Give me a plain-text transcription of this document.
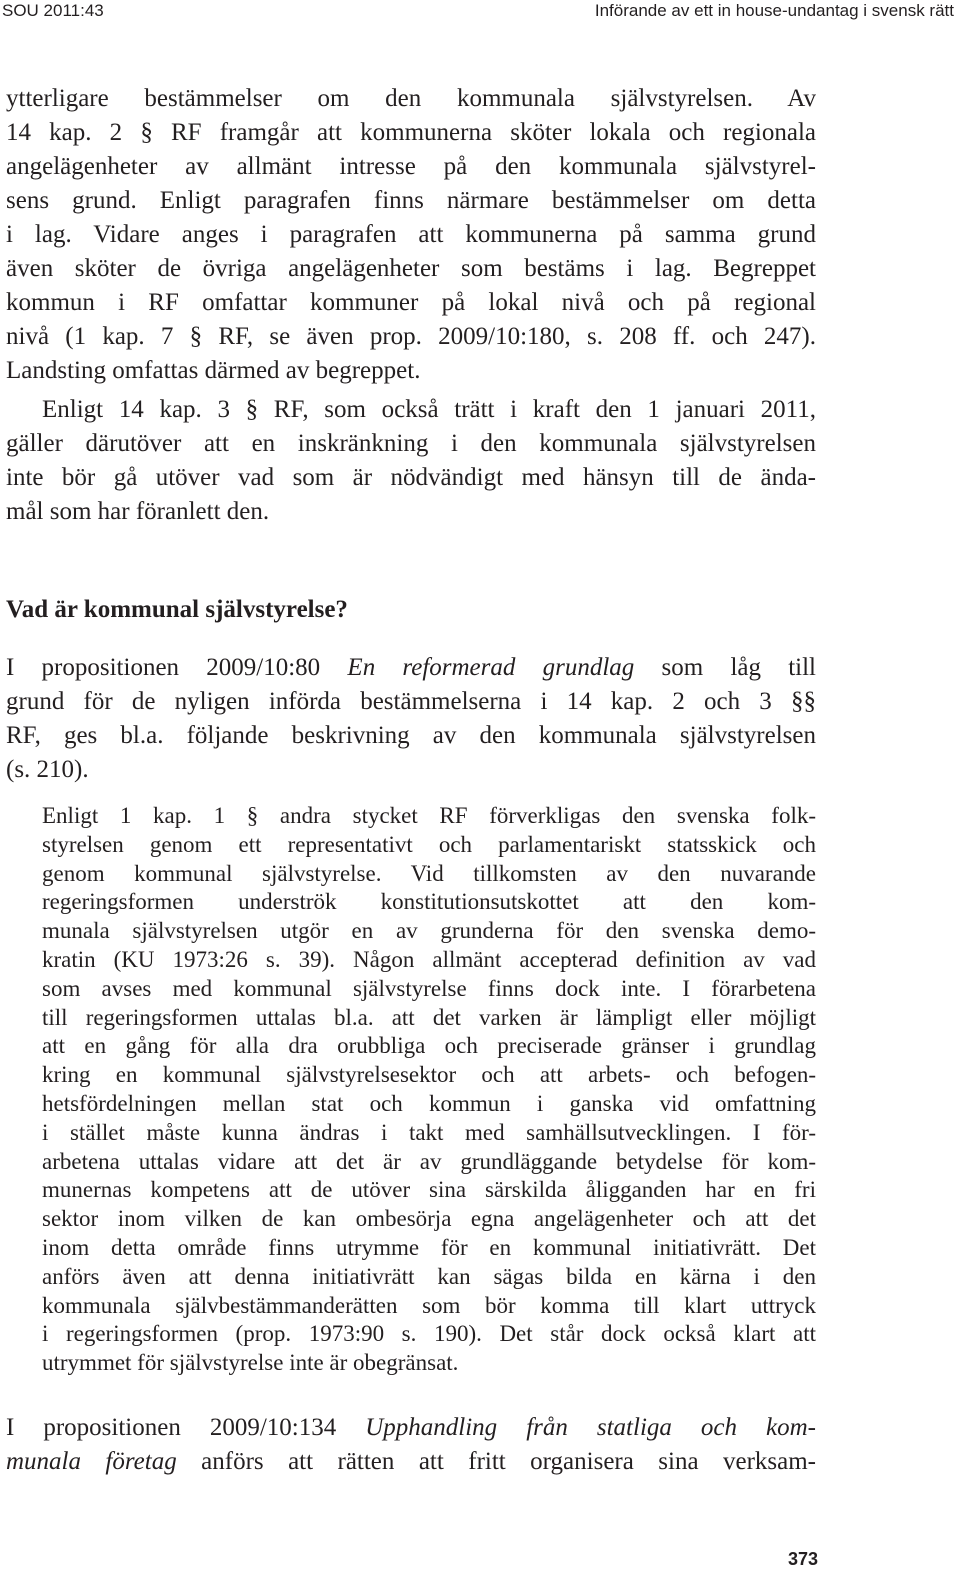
SOU 2011:43	Införande av ett in house-undantag i svensk rätt
ytterligare bestämmelser om den kommunala självstyrelsen. Av
14 kap. 2 § RF framgår att kommunerna sköter lokala och regionala
angelägenheter av allmänt intresse på den kommunala självstyrel-
sens grund. Enligt paragrafen finns närmare bestämmelser om detta
i lag. Vidare anges i paragrafen att kommunerna på samma grund
även sköter de övriga angelägenheter som bestäms i lag. Begreppet
kommun i RF omfattar kommuner på lokal nivå och på regional
nivå (1 kap. 7 § RF, se även prop. 2009/10:180, s. 208 ff. och 247).
Landsting omfattas därmed av begreppet.
Enligt 14 kap. 3 § RF, som också trätt i kraft den 1 januari 2011,
gäller därutöver att en inskränkning i den kommunala självstyrelsen
inte bör gå utöver vad som är nödvändigt med hänsyn till de ända-
mål som har föranlett den.
Vad är kommunal självstyrelse?
I propositionen 2009/10:80 En reformerad grundlag som låg till
grund för de nyligen införda bestämmelserna i 14 kap. 2 och 3 §§
RF, ges bl.a. följande beskrivning av den kommunala självstyrelsen
(s. 210).
Enligt 1 kap. 1 § andra stycket RF förverkligas den svenska folk-
styrelsen genom ett representativt och parlamentariskt statsskick och
genom kommunal självstyrelse. Vid tillkomsten av den nuvarande
regeringsformen underströk konstitutionsutskottet att den kom-
munala självstyrelsen utgör en av grunderna för den svenska demo-
kratin (KU 1973:26 s. 39). Någon allmänt accepterad definition av vad
som avses med kommunal självstyrelse finns dock inte. I förarbetena
till regeringsformen uttalas bl.a. att det varken är lämpligt eller möjligt
att en gång för alla dra orubbliga och preciserade gränser i grundlag
kring en kommunal självstyrelsesektor och att arbets- och befogen-
hetsfördelningen mellan stat och kommun i ganska vid omfattning
i stället måste kunna ändras i takt med samhällsutvecklingen. I för-
arbetena uttalas vidare att det är av grundläggande betydelse för kom-
munernas kompetens att de utöver sina särskilda åligganden har en fri
sektor inom vilken de kan ombesörja egna angelägenheter och att det
inom detta område finns utrymme för en kommunal initiativrätt. Det
anförs även att denna initiativrätt kan sägas bilda en kärna i den
kommunala självbestämmanderätten som bör komma till klart uttryck
i regeringsformen (prop. 1973:90 s. 190). Det står dock också klart att
utrymmet för självstyrelse inte är obegränsat.
I propositionen 2009/10:134 Upphandling från statliga och kom-
munala företag anförs att rätten att fritt organisera sina verksam-
373
